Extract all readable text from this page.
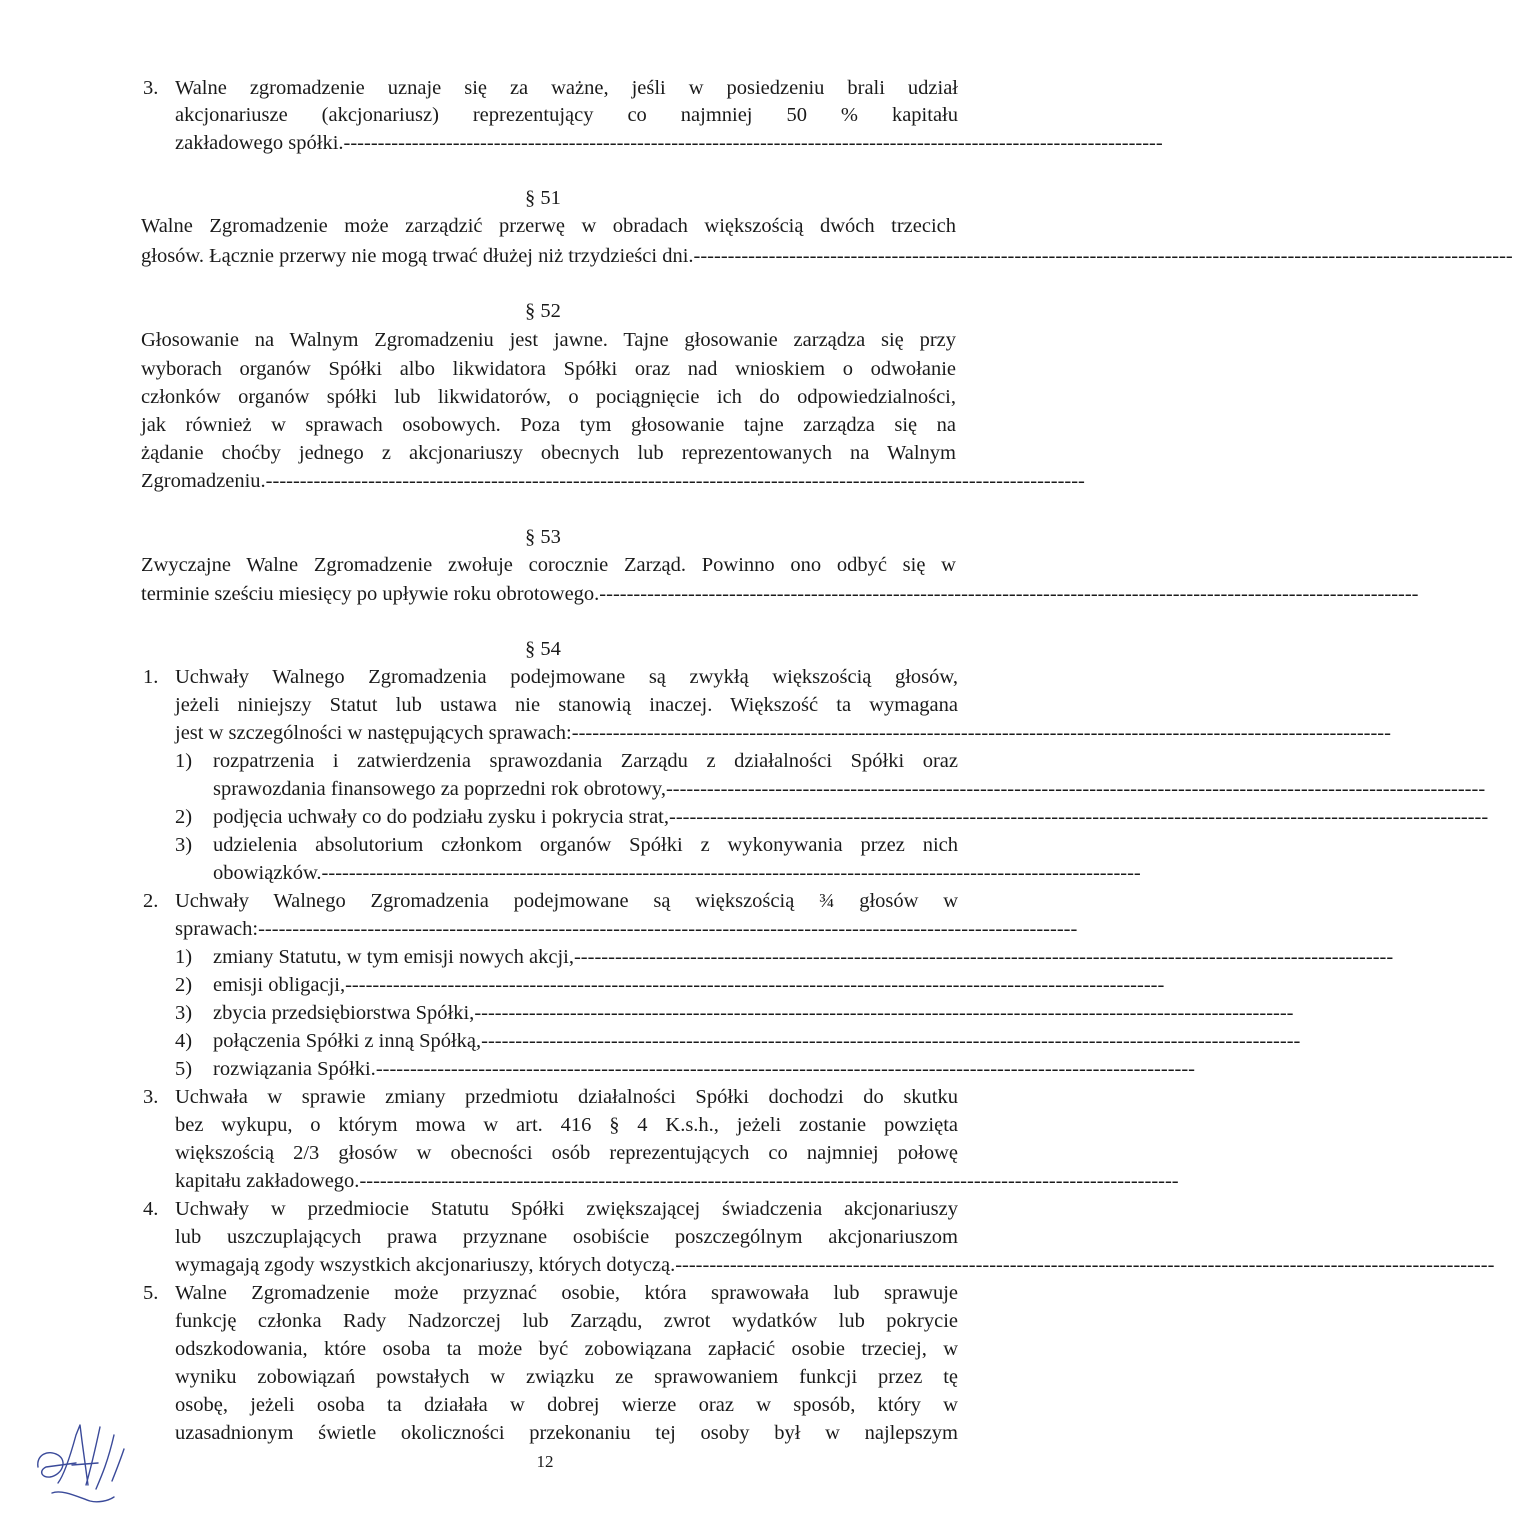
3. Walne zgromadzenie uznaje się za ważne, jeśli w posiedzeniu brali udział
akcjonariusze (akcjonariusz) reprezentujący co najmniej 50 % kapitału
zakładowego spółki. ------------------------------------------------------------------------------------------------------------------------
§ 51
Walne Zgromadzenie może zarządzić przerwę w obradach większością dwóch trzecich
głosów. Łącznie przerwy nie mogą trwać dłużej niż trzydzieści dni. ------------------------------------------------------------------------------------------------------------------------
§ 52
Głosowanie na Walnym Zgromadzeniu jest jawne. Tajne głosowanie zarządza się przy
wyborach organów Spółki albo likwidatora Spółki oraz nad wnioskiem o odwołanie
członków organów spółki lub likwidatorów, o pociągnięcie ich do odpowiedzialności,
jak również w sprawach osobowych. Poza tym głosowanie tajne zarządza się na
żądanie choćby jednego z akcjonariuszy obecnych lub reprezentowanych na Walnym
Zgromadzeniu. ------------------------------------------------------------------------------------------------------------------------
§ 53
Zwyczajne Walne Zgromadzenie zwołuje corocznie Zarząd. Powinno ono odbyć się w
terminie sześciu miesięcy po upływie roku obrotowego. ------------------------------------------------------------------------------------------------------------------------
§ 54
1. Uchwały Walnego Zgromadzenia podejmowane są zwykłą większością głosów,
jeżeli niniejszy Statut lub ustawa nie stanowią inaczej. Większość ta wymagana
jest w szczególności w następujących sprawach: ------------------------------------------------------------------------------------------------------------------------
1) rozpatrzenia i zatwierdzenia sprawozdania Zarządu z działalności Spółki oraz
sprawozdania finansowego za poprzedni rok obrotowy, ------------------------------------------------------------------------------------------------------------------------
2) podjęcia uchwały co do podziału zysku i pokrycia strat, ------------------------------------------------------------------------------------------------------------------------
3) udzielenia absolutorium członkom organów Spółki z wykonywania przez nich
obowiązków. ------------------------------------------------------------------------------------------------------------------------
2. Uchwały Walnego Zgromadzenia podejmowane są większością ¾ głosów w
sprawach: ------------------------------------------------------------------------------------------------------------------------
1) zmiany Statutu, w tym emisji nowych akcji, ------------------------------------------------------------------------------------------------------------------------
2) emisji obligacji, ------------------------------------------------------------------------------------------------------------------------
3) zbycia przedsiębiorstwa Spółki, ------------------------------------------------------------------------------------------------------------------------
4) połączenia Spółki z inną Spółką, ------------------------------------------------------------------------------------------------------------------------
5) rozwiązania Spółki. ------------------------------------------------------------------------------------------------------------------------
3. Uchwała w sprawie zmiany przedmiotu działalności Spółki dochodzi do skutku
bez wykupu, o którym mowa w art. 416 § 4 K.s.h., jeżeli zostanie powzięta
większością 2/3 głosów w obecności osób reprezentujących co najmniej połowę
kapitału zakładowego. ------------------------------------------------------------------------------------------------------------------------
4. Uchwały w przedmiocie Statutu Spółki zwiększającej świadczenia akcjonariuszy
lub uszczuplających prawa przyznane osobiście poszczególnym akcjonariuszom
wymagają zgody wszystkich akcjonariuszy, których dotyczą. ------------------------------------------------------------------------------------------------------------------------
5. Walne Zgromadzenie może przyznać osobie, która sprawowała lub sprawuje
funkcję członka Rady Nadzorczej lub Zarządu, zwrot wydatków lub pokrycie
odszkodowania, które osoba ta może być zobowiązana zapłacić osobie trzeciej, w
wyniku zobowiązań powstałych w związku ze sprawowaniem funkcji przez tę
osobę, jeżeli osoba ta działała w dobrej wierze oraz w sposób, który w
uzasadnionym świetle okoliczności przekonaniu tej osoby był w najlepszym
12
